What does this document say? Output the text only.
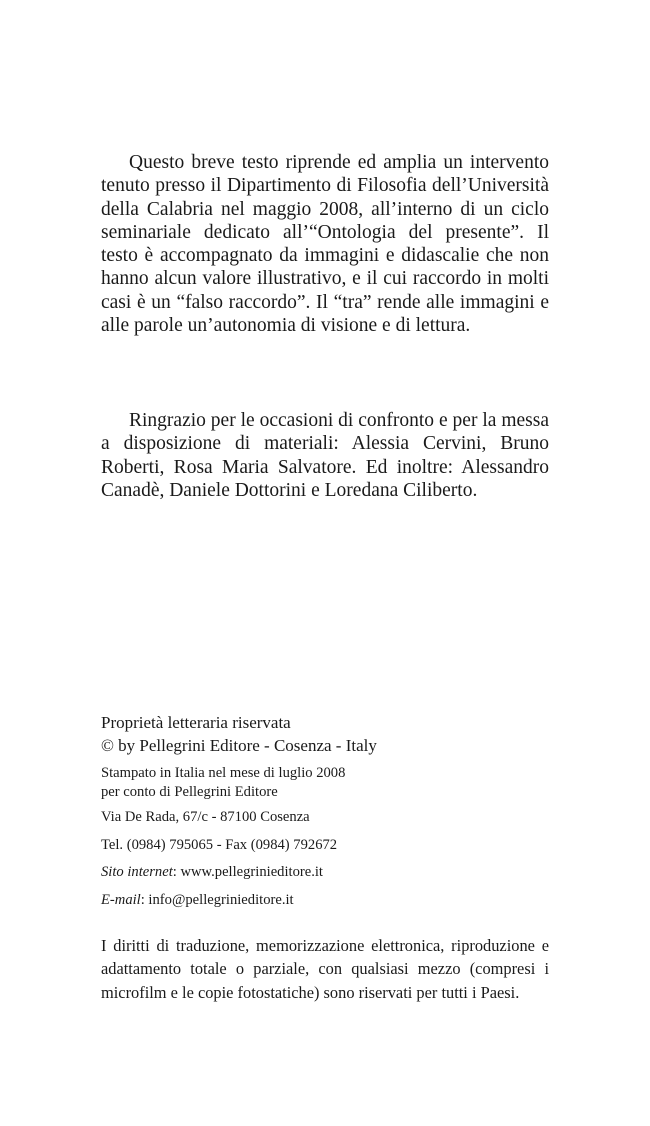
Questo breve testo riprende ed amplia un intervento tenuto presso il Dipartimento di Filosofia dell’Università della Calabria nel maggio 2008, all’interno di un ciclo seminariale dedicato all’“Ontologia del presente”. Il testo è accompagnato da immagini e didascalie che non hanno alcun valore illustrativo, e il cui raccordo in molti casi è un “falso raccordo”. Il “tra” rende alle immagini e alle parole un’autonomia di visione e di lettura.

Ringrazio per le occasioni di confronto e per la messa a disposizione di materiali: Alessia Cervini, Bruno Roberti, Rosa Maria Salvatore. Ed inoltre: Alessandro Canadè, Daniele Dottorini e Loredana Ciliberto.

Proprietà letteraria riservata
© by Pellegrini Editore - Cosenza - Italy
Stampato in Italia nel mese di luglio 2008
per conto di Pellegrini Editore
Via De Rada, 67/c - 87100 Cosenza
Tel. (0984) 795065 - Fax (0984) 792672
Sito internet: www.pellegrinieditore.it
E-mail: info@pellegrinieditore.it

I diritti di traduzione, memorizzazione elettronica, riproduzione e adattamento totale o parziale, con qualsiasi mezzo (compresi i microfilm e le copie fotostatiche) sono riservati per tutti i Paesi.
